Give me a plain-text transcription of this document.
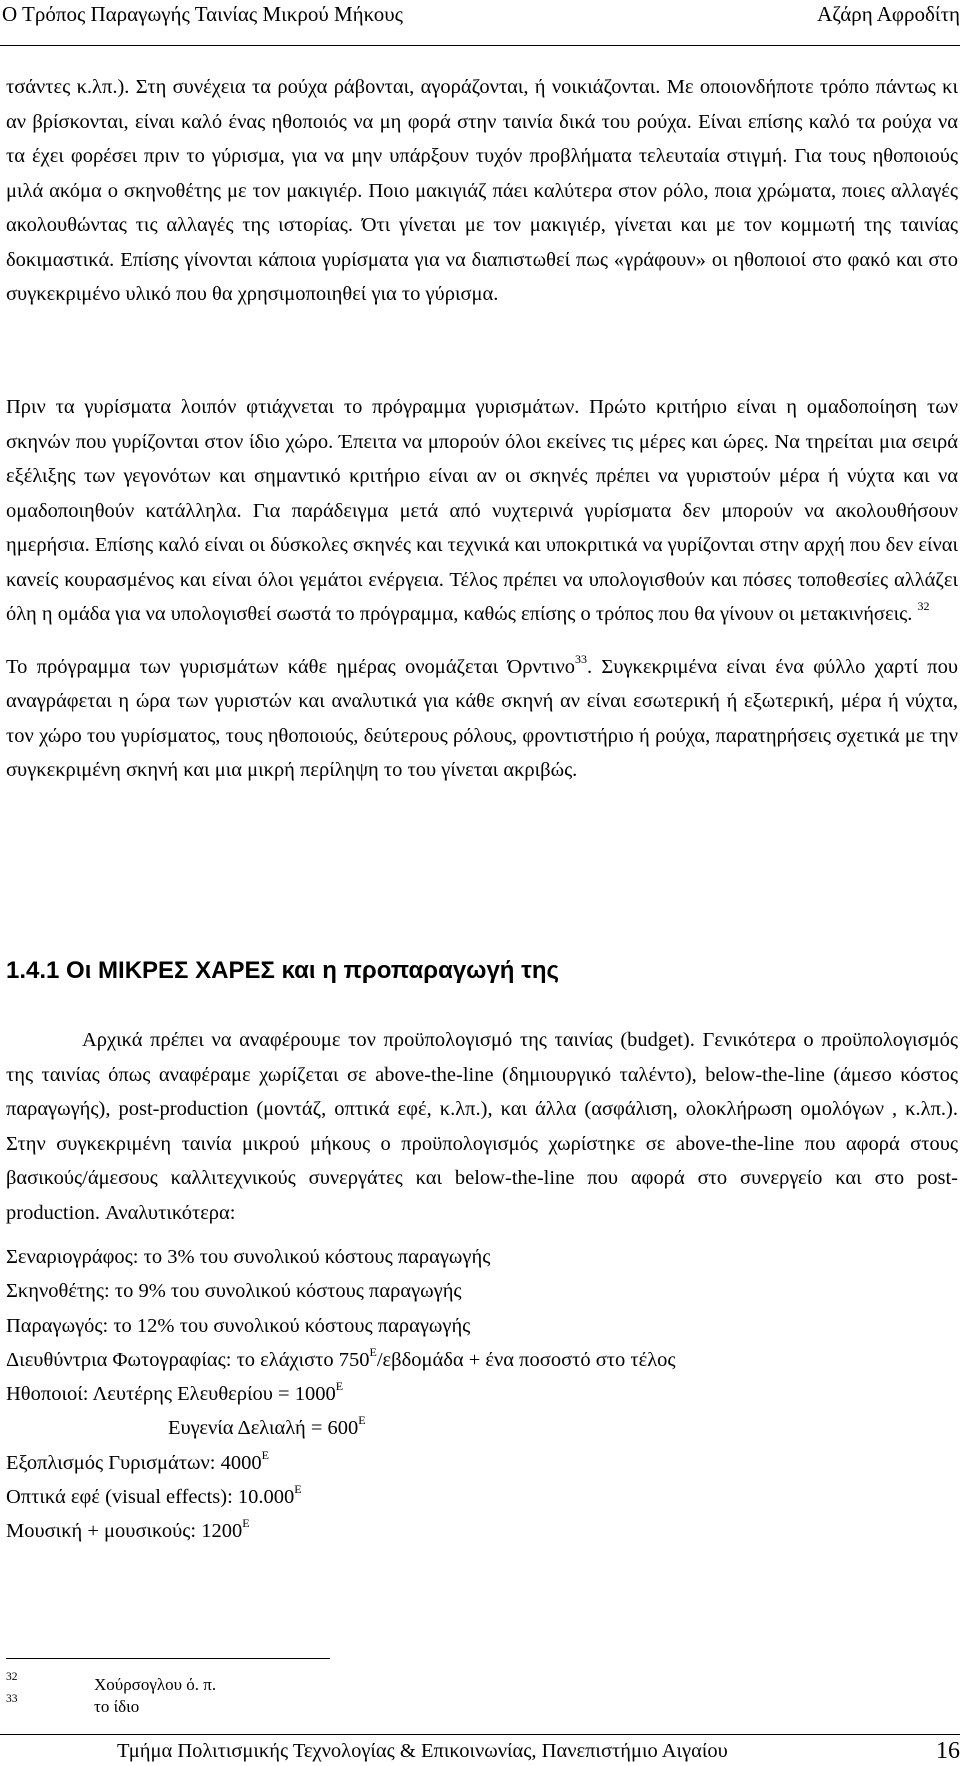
Ο Τρόπος Παραγωγής Ταινίας Μικρού Μήκους	Αζάρη Αφροδίτη

τσάντες κ.λπ.). Στη συνέχεια τα ρούχα ράβονται, αγοράζονται, ή νοικιάζονται. Με οποιονδήποτε τρόπο πάντως κι αν βρίσκονται, είναι καλό ένας ηθοποιός να μη φορά στην ταινία δικά του ρούχα. Είναι επίσης καλό τα ρούχα να τα έχει φορέσει πριν το γύρισμα, για να μην υπάρξουν τυχόν προβλήματα τελευταία στιγμή. Για τους ηθοποιούς μιλά ακόμα ο σκηνοθέτης με τον μακιγιέρ. Ποιο μακιγιάζ πάει καλύτερα στον ρόλο, ποια χρώματα, ποιες αλλαγές ακολουθώντας τις αλλαγές της ιστορίας. Ότι γίνεται με τον μακιγιέρ, γίνεται και με τον κομμωτή της ταινίας δοκιμαστικά. Επίσης γίνονται κάποια γυρίσματα για να διαπιστωθεί πως «γράφουν» οι ηθοποιοί στο φακό και στο συγκεκριμένο υλικό που θα χρησιμοποιηθεί για το γύρισμα.

Πριν τα γυρίσματα λοιπόν φτιάχνεται το πρόγραμμα γυρισμάτων. Πρώτο κριτήριο είναι η ομαδοποίηση των σκηνών που γυρίζονται στον ίδιο χώρο. Έπειτα να μπορούν όλοι εκείνες τις μέρες και ώρες. Να τηρείται μια σειρά εξέλιξης των γεγονότων και σημαντικό κριτήριο είναι αν οι σκηνές πρέπει να γυριστούν μέρα ή νύχτα και να ομαδοποιηθούν κατάλληλα. Για παράδειγμα μετά από νυχτερινά γυρίσματα δεν μπορούν να ακολουθήσουν ημερήσια. Επίσης καλό είναι οι δύσκολες σκηνές και τεχνικά και υποκριτικά να γυρίζονται στην αρχή που δεν είναι κανείς κουρασμένος και είναι όλοι γεμάτοι ενέργεια. Τέλος πρέπει να υπολογισθούν και πόσες τοποθεσίες αλλάζει όλη η ομάδα για να υπολογισθεί σωστά το πρόγραμμα, καθώς επίσης ο τρόπος που θα γίνουν οι μετακινήσεις. $^{32}$

Το πρόγραμμα των γυρισμάτων κάθε ημέρας ονομάζεται Όρντινο$^{33}$. Συγκεκριμένα είναι ένα φύλλο χαρτί που αναγράφεται η ώρα των γυριστών και αναλυτικά για κάθε σκηνή αν είναι εσωτερική ή εξωτερική, μέρα ή νύχτα, τον χώρο του γυρίσματος, τους ηθοποιούς, δεύτερους ρόλους, φροντιστήριο ή ρούχα, παρατηρήσεις σχετικά με την συγκεκριμένη σκηνή και μια μικρή περίληψη το του γίνεται ακριβώς.

1.4.1 Οι ΜΙΚΡΕΣ ΧΑΡΕΣ και η προπαραγωγή της

Αρχικά πρέπει να αναφέρουμε τον προϋπολογισμό της ταινίας (budget). Γενικότερα ο προϋπολογισμός της ταινίας όπως αναφέραμε χωρίζεται σε above-the-line (δημιουργικό ταλέντο), below-the-line (άμεσο κόστος παραγωγής), post-production (μοντάζ, οπτικά εφέ, κ.λπ.), και άλλα (ασφάλιση, ολοκλήρωση ομολόγων , κ.λπ.). Στην συγκεκριμένη ταινία μικρού μήκους ο προϋπολογισμός χωρίστηκε σε above-the-line που αφορά στους βασικούς/άμεσους καλλιτεχνικούς συνεργάτες και below-the-line που αφορά στο συνεργείο και στο post-production. Αναλυτικότερα:

Σεναριογράφος: το 3% του συνολικού κόστους παραγωγής
Σκηνοθέτης: το 9% του συνολικού κόστους παραγωγής
Παραγωγός: το 12% του συνολικού κόστους παραγωγής
Διευθύντρια Φωτογραφίας: το ελάχιστο $750^E$/εβδομάδα + ένα ποσοστό στο τέλος
Ηθοποιοί: Λευτέρης $E\lambda\varepsilon\upsilon\theta\varepsilon\rho ίo\upsilon = 1000^E$
Ευγενία $\Delta\varepsilon\lambda\iota\alpha\lambda ή = 600^E$
Εξοπλισμός Γυρισμάτων: $4000^E$
Οπτικά εφέ (visual effects): $10.000^E$
Μουσική + μουσικούς: $1200^E$
32	Χούρσογλου ό. π.
33	το ίδιο
Τμήμα Πολιτισμικής Τεχνολογίας & Επικοινωνίας, Πανεπιστήμιο Αιγαίου	16
